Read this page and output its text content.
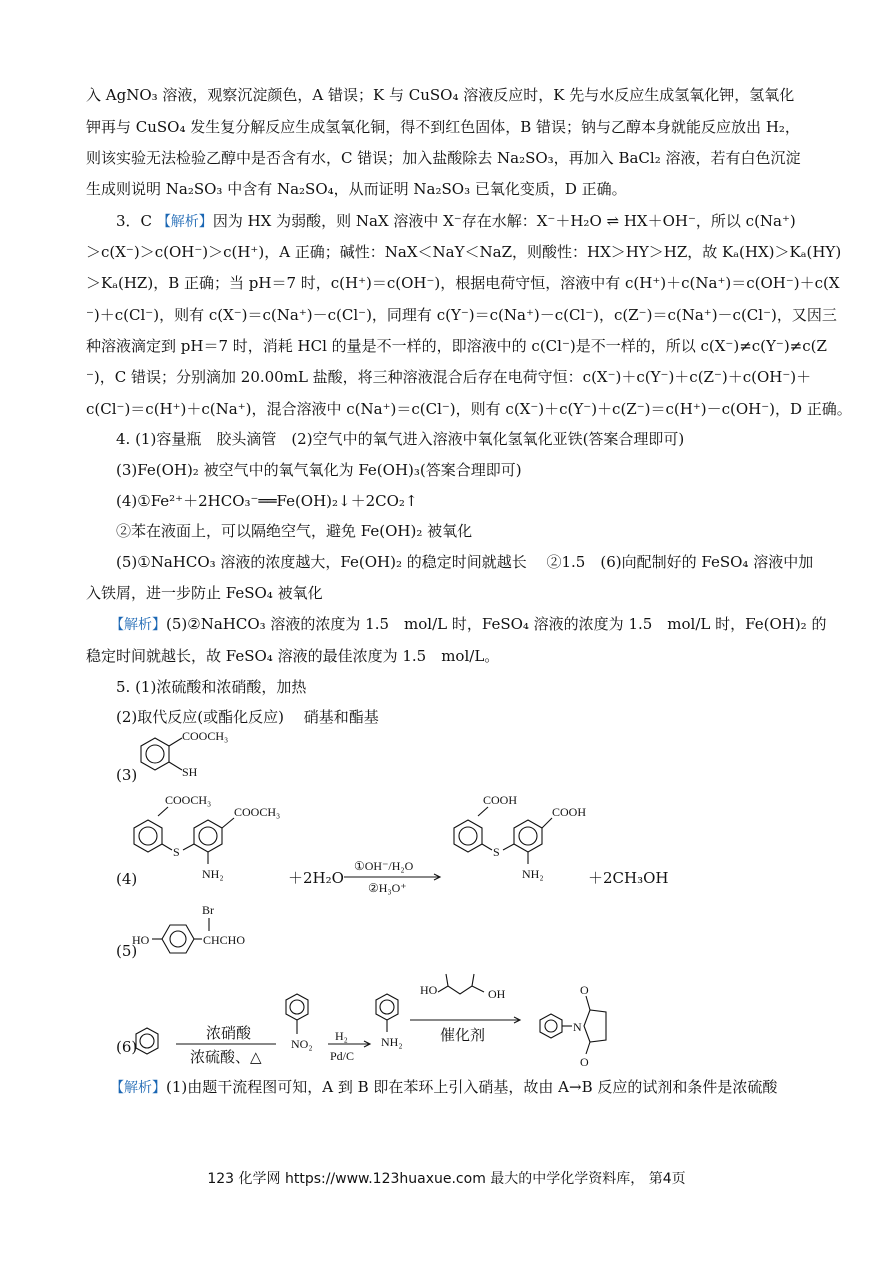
入 AgNO₃ 溶液，观察沉淀颜色，A 错误；K 与 CuSO₄ 溶液反应时，K 先与水反应生成氢氧化钾，氢氧化
钾再与 CuSO₄ 发生复分解反应生成氢氧化铜，得不到红色固体，B 错误；钠与乙醇本身就能反应放出 H₂，
则该实验无法检验乙醇中是否含有水，C 错误；加入盐酸除去 Na₂SO₃，再加入 BaCl₂ 溶液，若有白色沉淀
生成则说明 Na₂SO₃ 中含有 Na₂SO₄，从而证明 Na₂SO₃ 已氧化变质，D 正确。
3．C 【解析】因为 HX 为弱酸，则 NaX 溶液中 X⁻存在水解：X⁻＋H₂O ⇌ HX＋OH⁻，所以 c(Na⁺)
＞c(X⁻)＞c(OH⁻)＞c(H⁺)，A 正确；碱性：NaX＜NaY＜NaZ，则酸性：HX＞HY＞HZ，故 Kₐ(HX)＞Kₐ(HY)
＞Kₐ(HZ)，B 正确；当 pH＝7 时，c(H⁺)＝c(OH⁻)，根据电荷守恒，溶液中有 c(H⁺)＋c(Na⁺)＝c(OH⁻)＋c(X
⁻)＋c(Cl⁻)，则有 c(X⁻)＝c(Na⁺)－c(Cl⁻)，同理有 c(Y⁻)＝c(Na⁺)－c(Cl⁻)，c(Z⁻)＝c(Na⁺)－c(Cl⁻)，又因三
种溶液滴定到 pH＝7 时，消耗 HCl 的量是不一样的，即溶液中的 c(Cl⁻)是不一样的，所以 c(X⁻)≠c(Y⁻)≠c(Z
⁻)，C 错误；分别滴加 20.00mL 盐酸，将三种溶液混合后存在电荷守恒：c(X⁻)＋c(Y⁻)＋c(Z⁻)＋c(OH⁻)＋
c(Cl⁻)＝c(H⁺)＋c(Na⁺)，混合溶液中 c(Na⁺)＝c(Cl⁻)，则有 c(X⁻)＋c(Y⁻)＋c(Z⁻)＝c(H⁺)－c(OH⁻)，D 正确。
4. (1)容量瓶　胶头滴管　(2)空气中的氧气进入溶液中氧化氢氧化亚铁(答案合理即可)
(3)Fe(OH)₂ 被空气中的氧气氧化为 Fe(OH)₃(答案合理即可)
(4)①Fe²⁺＋2HCO₃⁻══Fe(OH)₂↓＋2CO₂↑
②苯在液面上，可以隔绝空气，避免 Fe(OH)₂ 被氧化
(5)①NaHCO₃ 溶液的浓度越大，Fe(OH)₂ 的稳定时间就越长　 ②1.5　(6)向配制好的 FeSO₄ 溶液中加
入铁屑，进一步防止 FeSO₄ 被氧化
【解析】(5)②NaHCO₃ 溶液的浓度为 1.5　mol/L 时，FeSO₄ 溶液的浓度为 1.5　mol/L 时，Fe(OH)₂ 的
稳定时间就越长，故 FeSO₄ 溶液的最佳浓度为 1.5　mol/L。
5. (1)浓硫酸和浓硝酸，加热
(2)取代反应(或酯化反应)　 硝基和酯基
(3)
COOCH₃
SH
(4)
COOCH₃
S
COOCH₃
NH₂	＋2H₂O
①OH⁻/H₂O
②H₃O⁺
COOH
S
COOH
NH₂	＋2CH₃OH
(5)
HO	CHCHO
Br
(6)
浓硝酸
浓硫酸、△
NO₂
H₂
Pd/C
NH₂
HO	OH
催化剂	N
O
O
【解析】(1)由题干流程图可知，A 到 B 即在苯环上引入硝基，故由 A→B 反应的试剂和条件是浓硫酸
123 化学网 https://www.123huaxue.com 最大的中学化学资料库， 第4页
